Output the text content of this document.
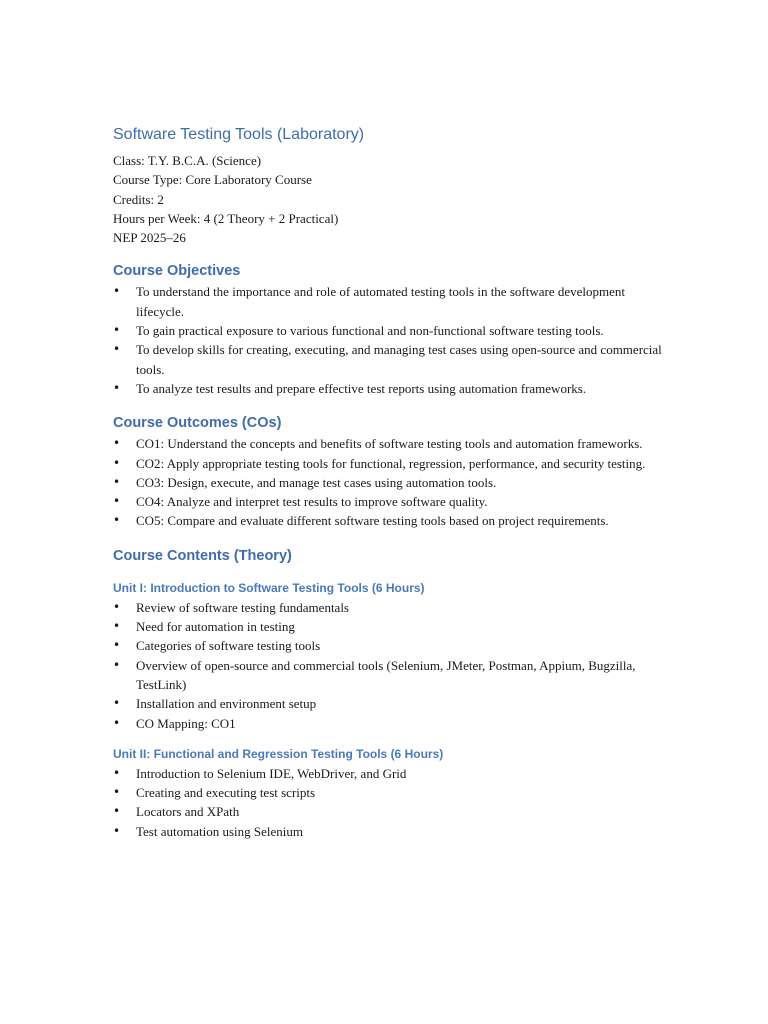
Software Testing Tools (Laboratory)

Class: T.Y. B.C.A. (Science)

Course Type: Core Laboratory Course

Credits: 2

Hours per Week: 4 (2 Theory + 2 Practical)

NEP 2025–26

Course Objectives
• To understand the importance and role of automated testing tools in the software development lifecycle.
• To gain practical exposure to various functional and non-functional software testing tools.
• To develop skills for creating, executing, and managing test cases using open-source and commercial tools.
• To analyze test results and prepare effective test reports using automation frameworks.
Course Outcomes (COs)
• CO1: Understand the concepts and benefits of software testing tools and automation frameworks.
• CO2: Apply appropriate testing tools for functional, regression, performance, and security testing.
• CO3: Design, execute, and manage test cases using automation tools.
• CO4: Analyze and interpret test results to improve software quality.
• CO5: Compare and evaluate different software testing tools based on project requirements.
Course Contents (Theory)
Unit I: Introduction to Software Testing Tools (6 Hours)
• Review of software testing fundamentals
• Need for automation in testing
• Categories of software testing tools
• Overview of open-source and commercial tools (Selenium, JMeter, Postman, Appium, Bugzilla, TestLink)
• Installation and environment setup
• CO Mapping: CO1
Unit II: Functional and Regression Testing Tools (6 Hours)
• Introduction to Selenium IDE, WebDriver, and Grid
• Creating and executing test scripts
• Locators and XPath
• Test automation using Selenium
